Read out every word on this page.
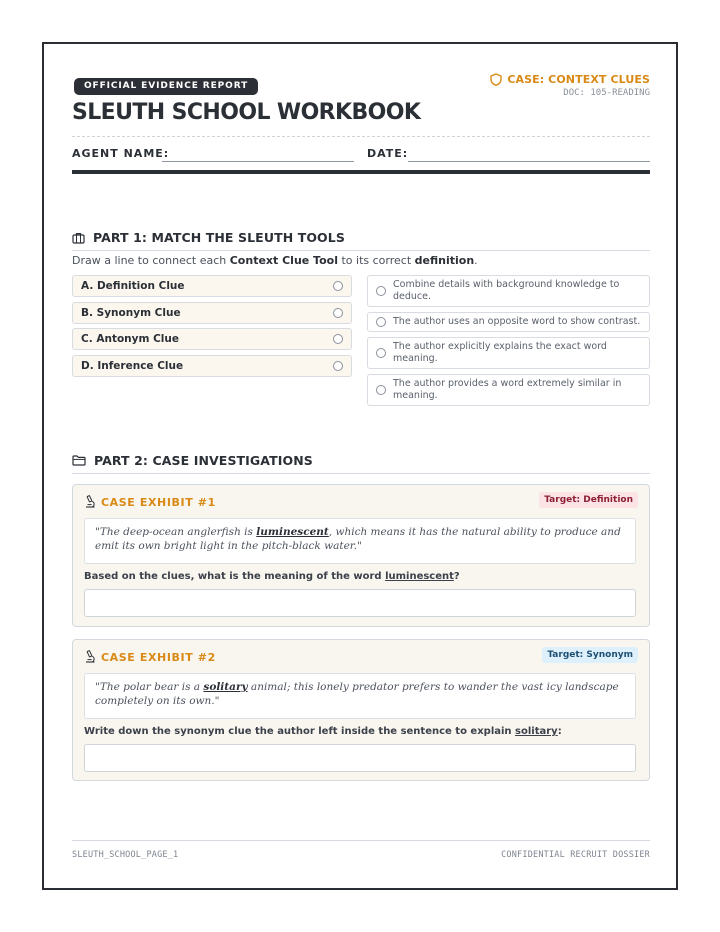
OFFICIAL EVIDENCE REPORT	CASE: CONTEXT CLUES
DOC: 105-READING
SLEUTH SCHOOL WORKBOOK
AGENT NAME:	DATE:
PART 1: MATCH THE SLEUTH TOOLS
Draw a line to connect each Context Clue Tool to its correct definition.
A. Definition Clue
B. Synonym Clue
C. Antonym Clue
D. Inference Clue
Combine details with background knowledge to deduce.
The author uses an opposite word to show contrast.
The author explicitly explains the exact word meaning.
The author provides a word extremely similar in meaning.
PART 2: CASE INVESTIGATIONS
CASE EXHIBIT #1	Target: Definition
"The deep-ocean anglerfish is luminescent, which means it has the natural ability to produce and emit its own bright light in the pitch-black water."
Based on the clues, what is the meaning of the word luminescent?
CASE EXHIBIT #2	Target: Synonym
"The polar bear is a solitary animal; this lonely predator prefers to wander the vast icy landscape completely on its own."
Write down the synonym clue the author left inside the sentence to explain solitary:
SLEUTH_SCHOOL_PAGE_1	CONFIDENTIAL RECRUIT DOSSIER
